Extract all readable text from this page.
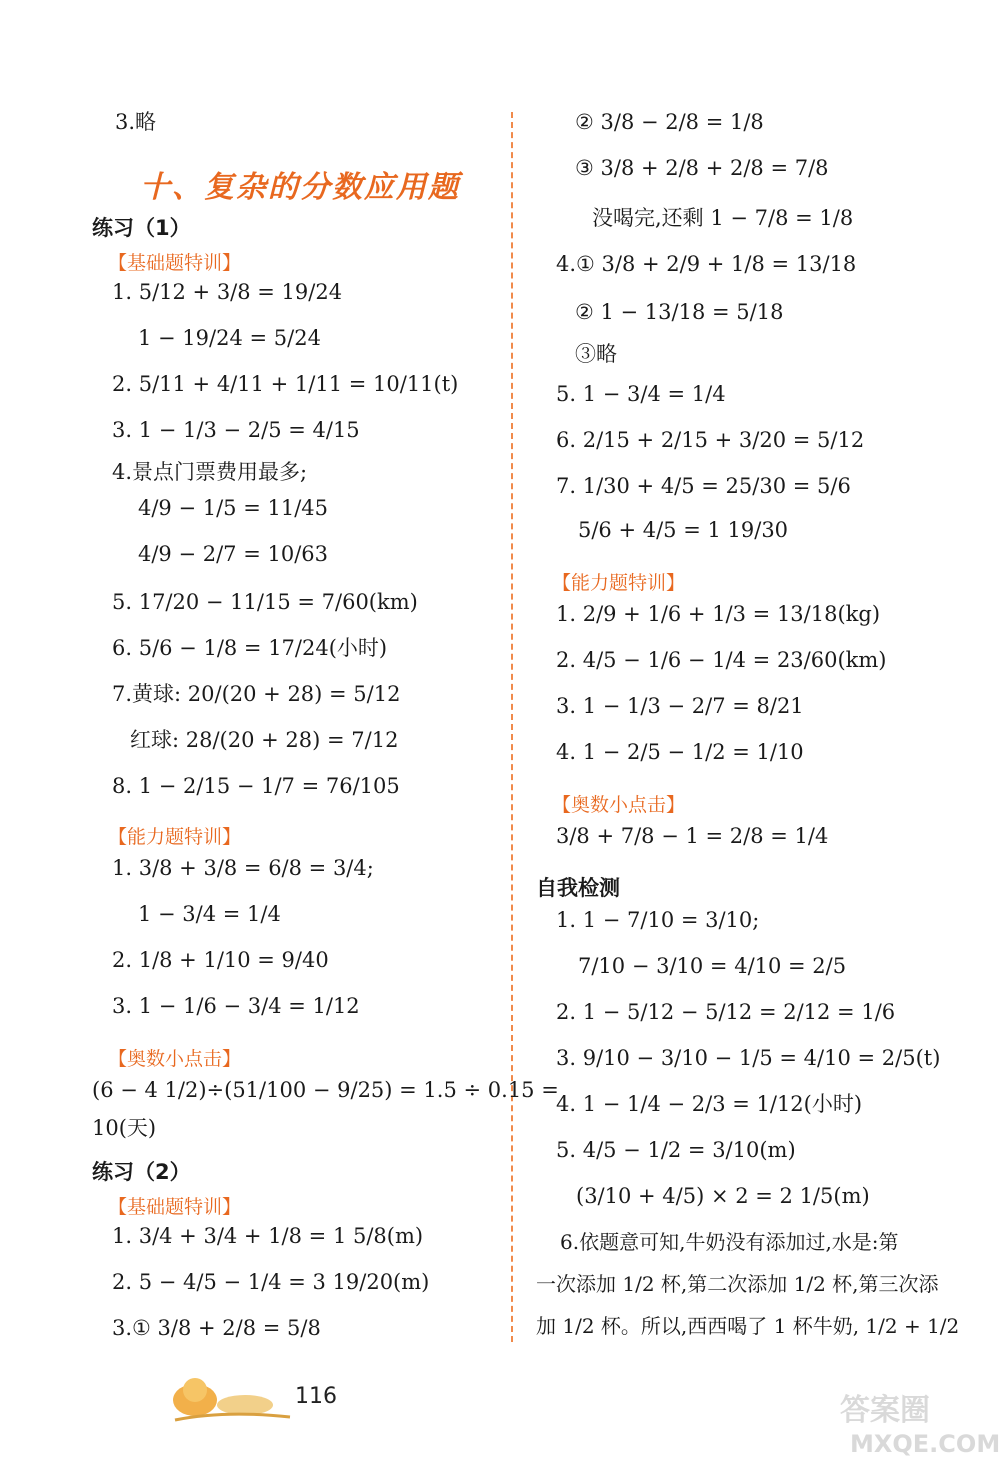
十、复杂的分数应用题
3.略
练习（1）
【基础题特训】
1. 5/12 + 3/8 = 19/24
1 − 19/24 = 5/24
2. 5/11 + 4/11 + 1/11 = 10/11(t)
3. 1 − 1/3 − 2/5 = 4/15
4.景点门票费用最多;
4/9 − 1/5 = 11/45
4/9 − 2/7 = 10/63
5. 17/20 − 11/15 = 7/60(km)
6. 5/6 − 1/8 = 17/24(小时)
7.黄球: 20/(20 + 28) = 5/12
红球: 28/(20 + 28) = 7/12
8. 1 − 2/15 − 1/7 = 76/105
【能力题特训】
1. 3/8 + 3/8 = 6/8 = 3/4;
1 − 3/4 = 1/4
2. 1/8 + 1/10 = 9/40
3. 1 − 1/6 − 3/4 = 1/12
【奥数小点击】
(6 − 4 1/2)÷(51/100 − 9/25) = 1.5 ÷ 0.15 =
10(天)
练习（2）
【基础题特训】
1. 3/4 + 3/4 + 1/8 = 1 5/8(m)
2. 5 − 4/5 − 1/4 = 3 19/20(m)
3.① 3/8 + 2/8 = 5/8
② 3/8 − 2/8 = 1/8
③ 3/8 + 2/8 + 2/8 = 7/8
没喝完,还剩 1 − 7/8 = 1/8
4.① 3/8 + 2/9 + 1/8 = 13/18
② 1 − 13/18 = 5/18
③略
5. 1 − 3/4 = 1/4
6. 2/15 + 2/15 + 3/20 = 5/12
7. 1/30 + 4/5 = 25/30 = 5/6
5/6 + 4/5 = 1 19/30
【能力题特训】
1. 2/9 + 1/6 + 1/3 = 13/18(kg)
2. 4/5 − 1/6 − 1/4 = 23/60(km)
3. 1 − 1/3 − 2/7 = 8/21
4. 1 − 2/5 − 1/2 = 1/10
【奥数小点击】
3/8 + 7/8 − 1 = 2/8 = 1/4
自我检测
1. 1 − 7/10 = 3/10;
7/10 − 3/10 = 4/10 = 2/5
2. 1 − 5/12 − 5/12 = 2/12 = 1/6
3. 9/10 − 3/10 − 1/5 = 4/10 = 2/5(t)
4. 1 − 1/4 − 2/3 = 1/12(小时)
5. 4/5 − 1/2 = 3/10(m)
(3/10 + 4/5) × 2 = 2 1/5(m)
6.依题意可知,牛奶没有添加过,水是:第
一次添加 1/2 杯,第二次添加 1/2 杯,第三次添
加 1/2 杯。所以,西西喝了 1 杯牛奶, 1/2 + 1/2
116	答案圈
MXQE.COM
